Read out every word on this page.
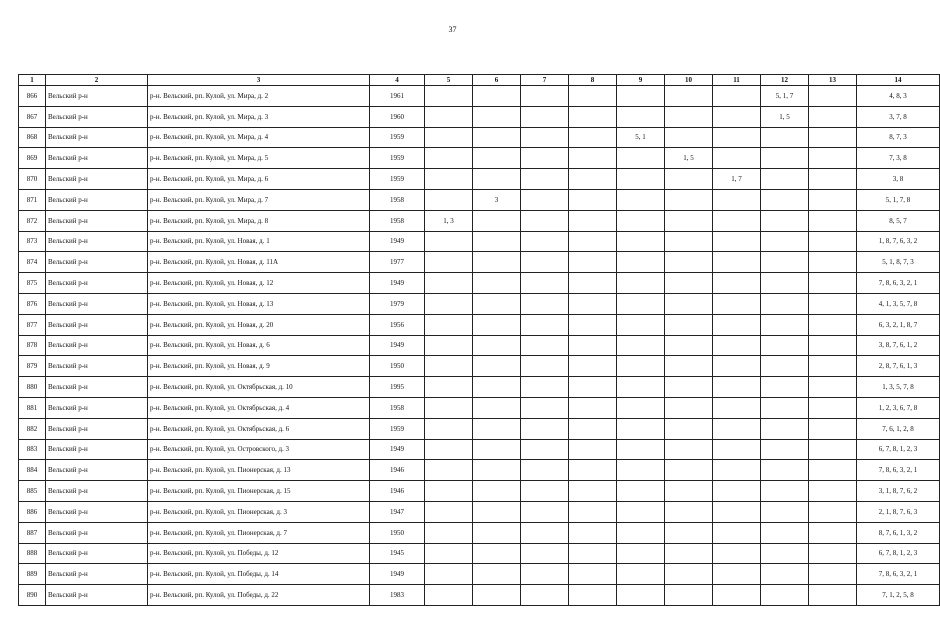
37
1	2	3	4	5	6	7	8	9	10	11	12	13	14
866	Вельский р-н	р-н. Вельский, рп. Кулой, ул. Мира, д. 2	1961								5, 1, 7		4, 8, 3
867	Вельский р-н	р-н. Вельский, рп. Кулой, ул. Мира, д. 3	1960								1, 5		3, 7, 8
868	Вельский р-н	р-н. Вельский, рп. Кулой, ул. Мира, д. 4	1959					5, 1					8, 7, 3
869	Вельский р-н	р-н. Вельский, рп. Кулой, ул. Мира, д. 5	1959						1, 5				7, 3, 8
870	Вельский р-н	р-н. Вельский, рп. Кулой, ул. Мира, д. 6	1959							1, 7			3, 8
871	Вельский р-н	р-н. Вельский, рп. Кулой, ул. Мира, д. 7	1958		3								5, 1, 7, 8
872	Вельский р-н	р-н. Вельский, рп. Кулой, ул. Мира, д. 8	1958	1, 3									8, 5, 7
873	Вельский р-н	р-н. Вельский, рп. Кулой, ул. Новая, д. 1	1949										1, 8, 7, 6, 3, 2
874	Вельский р-н	р-н. Вельский, рп. Кулой, ул. Новая, д. 11А	1977										5, 1, 8, 7, 3
875	Вельский р-н	р-н. Вельский, рп. Кулой, ул. Новая, д. 12	1949										7, 8, 6, 3, 2, 1
876	Вельский р-н	р-н. Вельский, рп. Кулой, ул. Новая, д. 13	1979										4, 1, 3, 5, 7, 8
877	Вельский р-н	р-н. Вельский, рп. Кулой, ул. Новая, д. 20	1956										6, 3, 2, 1, 8, 7
878	Вельский р-н	р-н. Вельский, рп. Кулой, ул. Новая, д. 6	1949										3, 8, 7, 6, 1, 2
879	Вельский р-н	р-н. Вельский, рп. Кулой, ул. Новая, д. 9	1950										2, 8, 7, 6, 1, 3
880	Вельский р-н	р-н. Вельский, рп. Кулой, ул. Октябрьская, д. 10	1995										1, 3, 5, 7, 8
881	Вельский р-н	р-н. Вельский, рп. Кулой, ул. Октябрьская, д. 4	1958										1, 2, 3, 6, 7, 8
882	Вельский р-н	р-н. Вельский, рп. Кулой, ул. Октябрьская, д. 6	1959										7, 6, 1, 2, 8
883	Вельский р-н	р-н. Вельский, рп. Кулой, ул. Островского, д. 3	1949										6, 7, 8, 1, 2, 3
884	Вельский р-н	р-н. Вельский, рп. Кулой, ул. Пионерская, д. 13	1946										7, 8, 6, 3, 2, 1
885	Вельский р-н	р-н. Вельский, рп. Кулой, ул. Пионерская, д. 15	1946										3, 1, 8, 7, 6, 2
886	Вельский р-н	р-н. Вельский, рп. Кулой, ул. Пионерская, д. 3	1947										2, 1, 8, 7, 6, 3
887	Вельский р-н	р-н. Вельский, рп. Кулой, ул. Пионерская, д. 7	1950										8, 7, 6, 1, 3, 2
888	Вельский р-н	р-н. Вельский, рп. Кулой, ул. Победы, д. 12	1945										6, 7, 8, 1, 2, 3
889	Вельский р-н	р-н. Вельский, рп. Кулой, ул. Победы, д. 14	1949										7, 8, 6, 3, 2, 1
890	Вельский р-н	р-н. Вельский, рп. Кулой, ул. Победы, д. 22	1983										7, 1, 2, 5, 8
